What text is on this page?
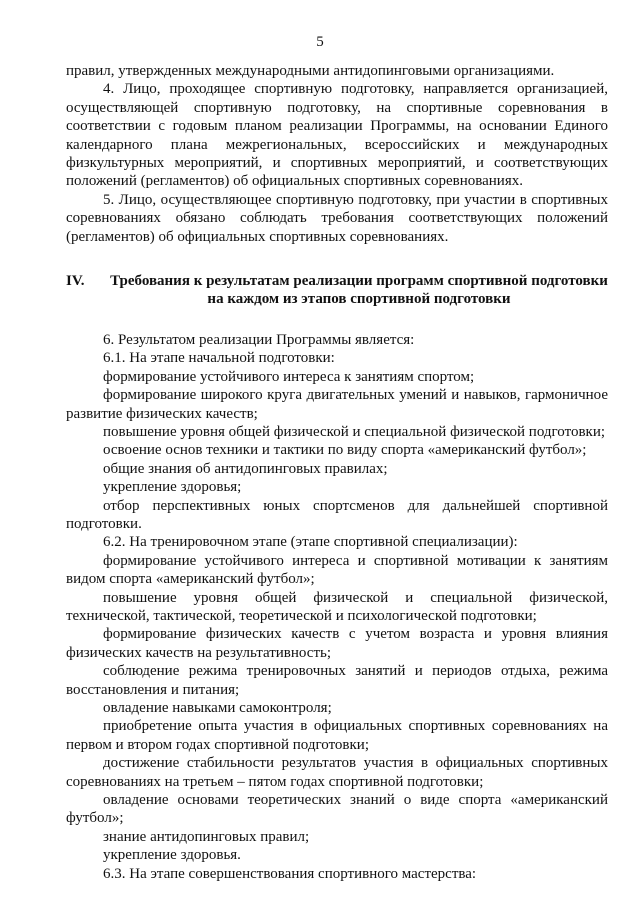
5

правил, утвержденных международными антидопинговыми организациями.

4. Лицо, проходящее спортивную подготовку, направляется организацией, осуществляющей спортивную подготовку, на спортивные соревнования в соответствии с годовым планом реализации Программы, на основании Единого календарного плана межрегиональных, всероссийских и международных физкультурных мероприятий, и спортивных мероприятий, и соответствующих положений (регламентов) об официальных спортивных соревнованиях.

5. Лицо, осуществляющее спортивную подготовку, при участии в спортивных соревнованиях обязано соблюдать требования соответствующих положений (регламентов) об официальных спортивных соревнованиях.

IV.	Требования к результатам реализации программ спортивной подготовки на каждом из этапов спортивной подготовки

6. Результатом реализации Программы является:

6.1. На этапе начальной подготовки:

формирование устойчивого интереса к занятиям спортом;

формирование широкого круга двигательных умений и навыков, гармоничное развитие физических качеств;

повышение уровня общей физической и специальной физической подготовки;

освоение основ техники и тактики по виду спорта «американский футбол»;

общие знания об антидопинговых правилах;

укрепление здоровья;

отбор перспективных юных спортсменов для дальнейшей спортивной подготовки.

6.2. На тренировочном этапе (этапе спортивной специализации):

формирование устойчивого интереса и спортивной мотивации к занятиям видом спорта «американский футбол»;

повышение уровня общей физической и специальной физической, технической, тактической, теоретической и психологической подготовки;

формирование физических качеств с учетом возраста и уровня влияния физических качеств на результативность;

соблюдение режима тренировочных занятий и периодов отдыха, режима восстановления и питания;

овладение навыками самоконтроля;

приобретение опыта участия в официальных спортивных соревнованиях на первом и втором годах спортивной подготовки;

достижение стабильности результатов участия в официальных спортивных соревнованиях на третьем – пятом годах спортивной подготовки;

овладение основами теоретических знаний о виде спорта «американский футбол»;

знание антидопинговых правил;

укрепление здоровья.

6.3. На этапе совершенствования спортивного мастерства:
